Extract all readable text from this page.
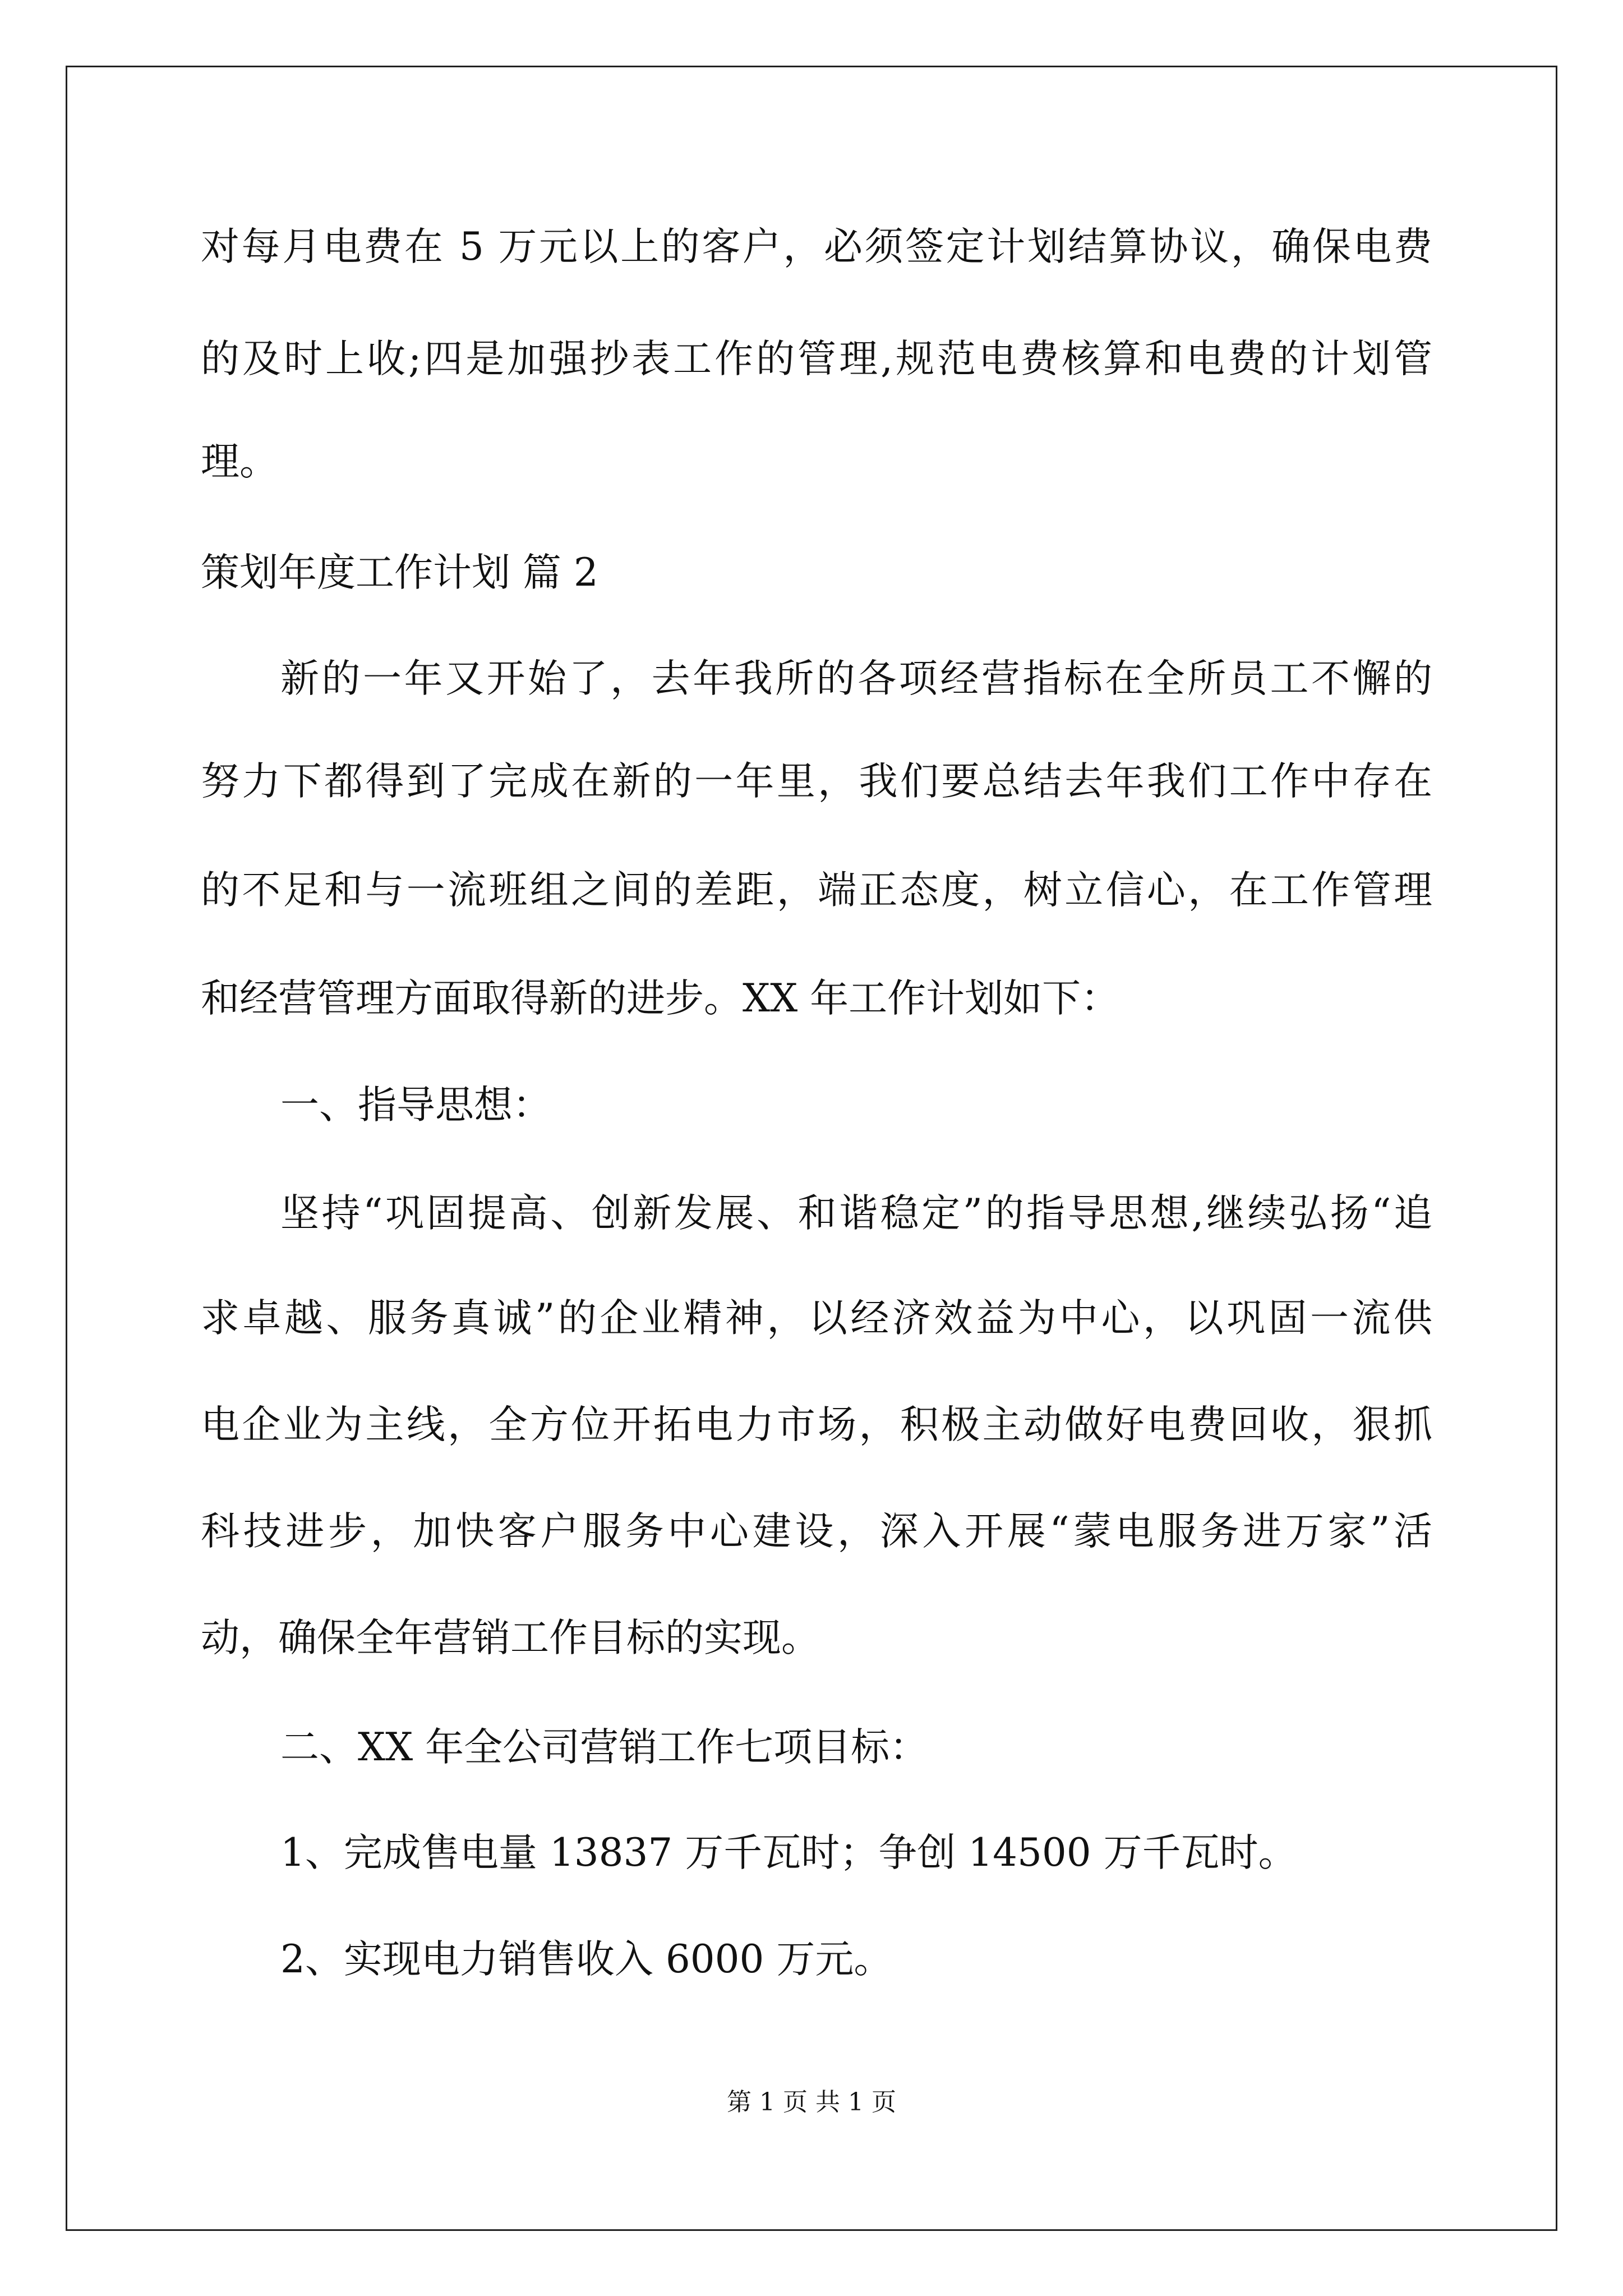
对每月电费在 5 万元以上的客户，必须签定计划结算协议，确保电费
的及时上收;四是加强抄表工作的管理,规范电费核算和电费的计划管
理。
策划年度工作计划 篇 2
新的一年又开始了，去年我所的各项经营指标在全所员工不懈的
努力下都得到了完成在新的一年里，我们要总结去年我们工作中存在
的不足和与一流班组之间的差距，端正态度，树立信心，在工作管理
和经营管理方面取得新的进步。XX 年工作计划如下：
一、指导思想：
坚持“巩固提高、创新发展、和谐稳定”的指导思想,继续弘扬“追
求卓越、服务真诚”的企业精神，以经济效益为中心，以巩固一流供
电企业为主线，全方位开拓电力市场，积极主动做好电费回收，狠抓
科技进步，加快客户服务中心建设，深入开展“蒙电服务进万家”活
动，确保全年营销工作目标的实现。
二、XX 年全公司营销工作七项目标：
1、完成售电量 13837 万千瓦时；争创 14500 万千瓦时。
2、实现电力销售收入 6000 万元。
第 1 页 共 1 页
